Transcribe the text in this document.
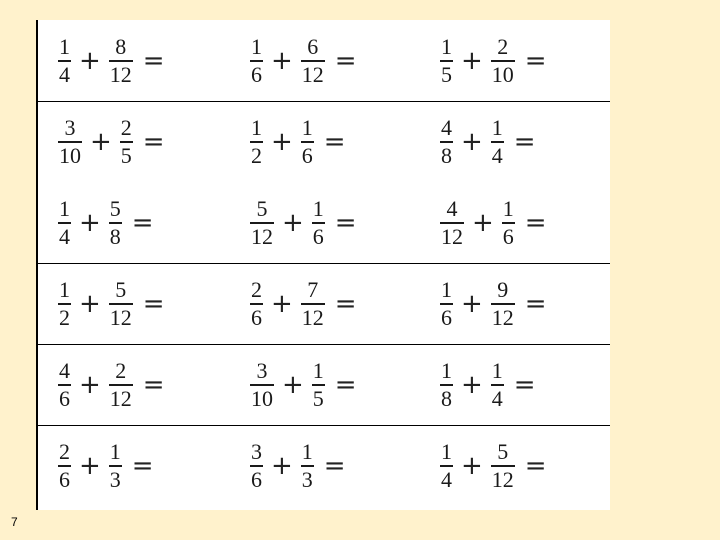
$\frac{1}{4} + \frac{8}{12}$ =	$\frac{1}{6} + \frac{6}{12}$ =	$\frac{1}{5} + \frac{2}{10}$ =
$\frac{3}{10} + \frac{2}{5}$ =	$\frac{1}{2} + \frac{1}{6}$ =	$\frac{4}{8} + \frac{1}{4}$ =
$\frac{1}{4} + \frac{5}{8}$ =	$\frac{5}{12} + \frac{1}{6}$ =	$\frac{4}{12} + \frac{1}{6}$ =
$\frac{1}{2} + \frac{5}{12}$ =	$\frac{2}{6} + \frac{7}{12}$ =	$\frac{1}{6} + \frac{9}{12}$ =
$\frac{4}{6} + \frac{2}{12}$ =	$\frac{3}{10} + \frac{1}{5}$ =	$\frac{1}{8} + \frac{1}{4}$ =
$\frac{2}{6} + \frac{1}{3}$ =	$\frac{3}{6} + \frac{1}{3}$ =	$\frac{1}{4} + \frac{5}{12}$ =
7
